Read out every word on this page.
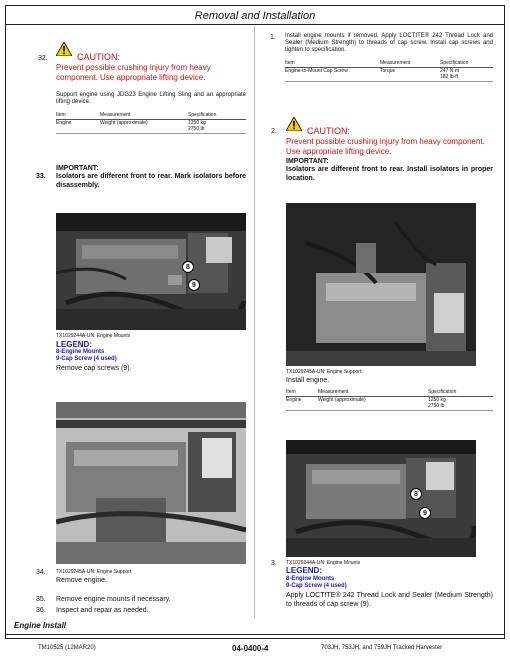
Removal and Installation
32.	CAUTION:
Prevent possible crushing injury from heavy component. Use appropriate lifting device.
Support engine using JDG23 Engine Lifting Sling and an appropriate lifting device.
Item	Measurement	Specification
Engine	Weight (approximate)	1250 kg
2750 lb
IMPORTANT:
33. Isolators are different front to rear. Mark isolators before disassembly.
8
9
TX1029244A-UN: Engine Mounts
LEGEND:
8-Engine Mounts
9-Cap Screw (4 used)
Remove cap screws (9).
34. TX1029245A-UN: Engine Support
Remove engine.
35. Remove engine mounts if necessary.
36. Inspect and repair as needed.
Engine Install
1. Install engine mounts if removed. Apply LOCTITE® 242 Thread Lock and Sealer (Medium Strength) to threads of cap screw. Install cap screws and tighten to specification.
Item	Measurement	Specification
Engine-to-Mount Cap Screw	Torque	247 N·m
182 lb-ft
2.	CAUTION:
Prevent possible crushing injury from heavy component. Use appropriate lifting device.
IMPORTANT:
Isolators are different front to rear. Install isolators in proper location.
TX1029245A-UN: Engine Support
Install engine.
Item	Measurement	Specification
Engine	Weight (approximate)	1250 kg
2750 lb
8
9
3. TX1029244A-UN: Engine Mounts
LEGEND:
8-Engine Mounts
9-Cap Screw (4 used)
Apply LOCTITE® 242 Thread Lock and Sealer (Medium Strength) to threads of cap screw (9).
TM10525 (12MAR20)	04-0400-4	703JH, 753JH, and 759JH Tracked Harvester
